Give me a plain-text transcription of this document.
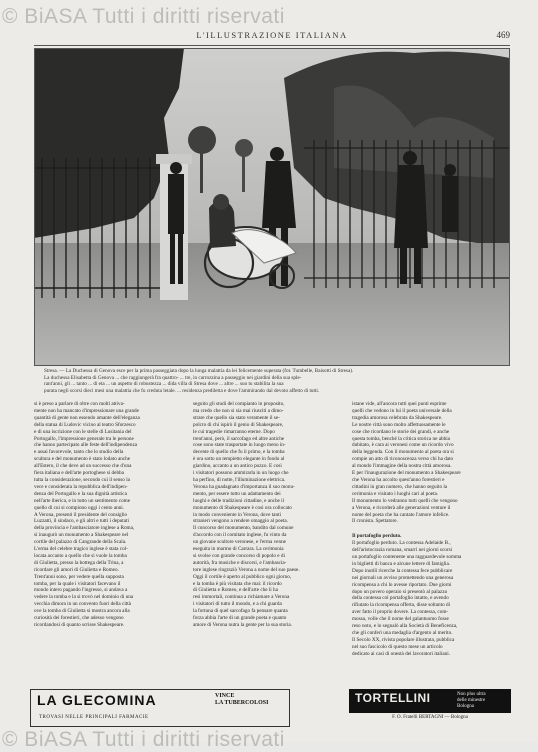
L'ILLUSTRAZIONE ITALIANA	469
Stresa. — La Duchessa di Genova esce per la prima passeggiata dopo la lunga malattia da lei felicemente superata (fot. Tumbelle, Baisotti di Stresa).
La duchessa Elisabetta di Genova ... che raggiungerà fra quattro- ... tre, in carrozzina a passeggio nei giardini della sua sple-
rant'anni, gli ... tanto ... di eta ... un aspetto di robustezza ... dida villa di Stresa dove ... altre ... suo tu stabilita la sua
purata negli scorsi dieci mesi una malattia che fu creduta letale. ... residenza prediletta e dove l'ammirando dal devoto affetto di tutti.
si è preso a parlare di oltre con molti attiva-
mente non ha mancato d'impressionare una grande
quantità di gente non essendo amante dell'eleganza
della statua di Ludovic vicino al teatro Sforzesco
e di una iscrizione con le stelle di Lusitania del
Portogallo, l'impressione generale tra le persone
che hanno partecipato alle feste dell'indipendenza
e assai favorevole, tanto che lo studio della
scultura e del monumento è stato lodato anche
all'Estero, il che deve ad un successo che d'una
fiera italiana e dell'arte portoghese si debba
tutta la considerazione, secondo cui il senso la
vece e considerata la repubblica dell'indipen-
denza del Portogallo e la sua dignità artistica
nell'arte iberica, e in tutto un sentimento come
quello di cui si compiono oggi i cento anni.
A Verona, presenti il presidente del consiglio
Luzzatti, il sindaco, e gli altri e tutti i deputati
della provincia e l'ambasciatore inglese a Roma,
si inaugurò un monumento a Shakespeare nel
cortile del palazzo di Cangrande della Scala.
L'erma del celebre tragico inglese è stata col-
locata accanto a quello che si vuole la tomba
di Giulietta, presso la bottega della Trina, a
ricordare gli amori di Giulietta e Romeo.
Trent'anni sono, per vedere quella supposta
tomba, per la quale i visitatori facevano il
mondo intero pagando l'ingresso, si andava a
vedere la tomba e la si trovò nel dominio di una
vecchia dimora in un convento fuori della città
ove la tomba di Giulietta si mostra ancora alla
curiosità dei forestieri, che adesso vengono
ricordandosi di quanto scrisse Shakespeare.
seguito gli studi del compianto in proposito,
ma credo che non si sia mai riusciti a dimo-
strare che quello sia stato veramente il se-
polcro di chi ispirò il genio di Shakespeare,
le cui tragedie rimarranno eterne. Dopo
trent'anni, però, il sarcofago ed altre antiche
cose sono state trasportate in luogo meno in-
decente di quello che fu il primo, e la tomba
è ora sotto un tempietto elegante in fondo al
giardino, accanto a un antico pozzo. E così
i visitatori possono ammirarla in un luogo che
ha perfino, di notte, l'illuminazione elettrica.
Verona ha guadagnato d'importanza il suo monu-
mento, per essere tutto un adattamento dei
luoghi e delle tradizioni cittadine, e anche il
monumento di Shakespeare è così ora collocato
in modo conveniente in Verona, dove tanti
stranieri vengono a rendere omaggio al poeta.
Il concorso del monumento, bandito dal comune
d'accordo con il comitato inglese, fu vinto da
un giovane scultore veronese, e l'erma venne
eseguita in marmo di Carrara. La cerimonia
si svolse con grande concorso di popolo e di
autorità, fra musiche e discorsi, e l'ambascia-
tore inglese ringraziò Verona a nome del suo paese.
Oggi il cortile è aperto al pubblico ogni giorno,
e la tomba è più visitata che mai: il ricordo
di Giulietta e Romeo, e dell'arte che li ha
resi immortali, continua a richiamare a Verona
i visitatori di tutto il mondo, e a chi guarda
la fortuna di quel sarcofago fa pensare quanta
forza abbia l'arte di un grande poeta e quanto
amore di Verona nutra la gente per la sua storia.
istane vide, all'ancora tutti quei punti esprime
quelli che vedono in lui il poeta universale della
tragedia amorosa celebrata da Shakespeare.
Le nostre città sono molto affettuosamente le
cose che ricordano le storie dei grandi, e anche
questa tomba, benché la critica storica ne abbia
dubitato, è cara ai veronesi come un ricordo vivo
della leggenda. Con il monumento al poeta ora si
compie un atto di riconoscenza verso chi ha dato
al mondo l'immagine della nostra città amorosa.
È per l'inaugurazione del monumento a Shakespeare
che Verona ha accolto quest'anno forestieri e
cittadini in gran numero, che hanno seguito la
cerimonia e visitato i luoghi cari al poeta.
Il monumento lo vedranno tutti quelli che vengono
a Verona, e ricorderà alle generazioni venture il
nome del poeta che ha cantato l'amore infelice.
Il cronista. Spettatore.
Il portafoglio perduto.
Il portafoglio perduto. La contessa Adelaide B.,
dell'aristocrazia romana, smarrì nei giorni scorsi
un portafoglio contenente una ragguardevole somma
in biglietti di banca e alcune lettere di famiglia.
Dopo inutili ricerche la contessa fece pubblicare
nei giornali un avviso promettendo una generosa
ricompensa a chi lo avesse riportato. Due giorni
dopo un povero operaio si presentò al palazzo
della contessa col portafoglio intatto, e avendo
rifiutato la ricompensa offerta, disse soltanto di
aver fatto il proprio dovere. La contessa, com-
mossa, volle che il nome del galantuomo fosse
reso noto, e lo segnalò alla Società di Beneficenza,
che gli conferì una medaglia d'argento al merito.
Il Secolo XX, rivista popolare illustrata, pubblica
nel suo fascicolo di questo mese un articolo
dedicato ai casi di onestà dei lavoratori italiani.
LA GLECOMINA	VINCE
LA TUBERCOLOSI
TROVASI NELLE PRINCIPALI FARMACIE
TORTELLINI	Non plus ultra
delle minestre
Bologna
F. O. Fratelli BERTAGNI — Bologna
© BiASA Tutti i diritti riservati
© BiASA Tutti i diritti riservati
